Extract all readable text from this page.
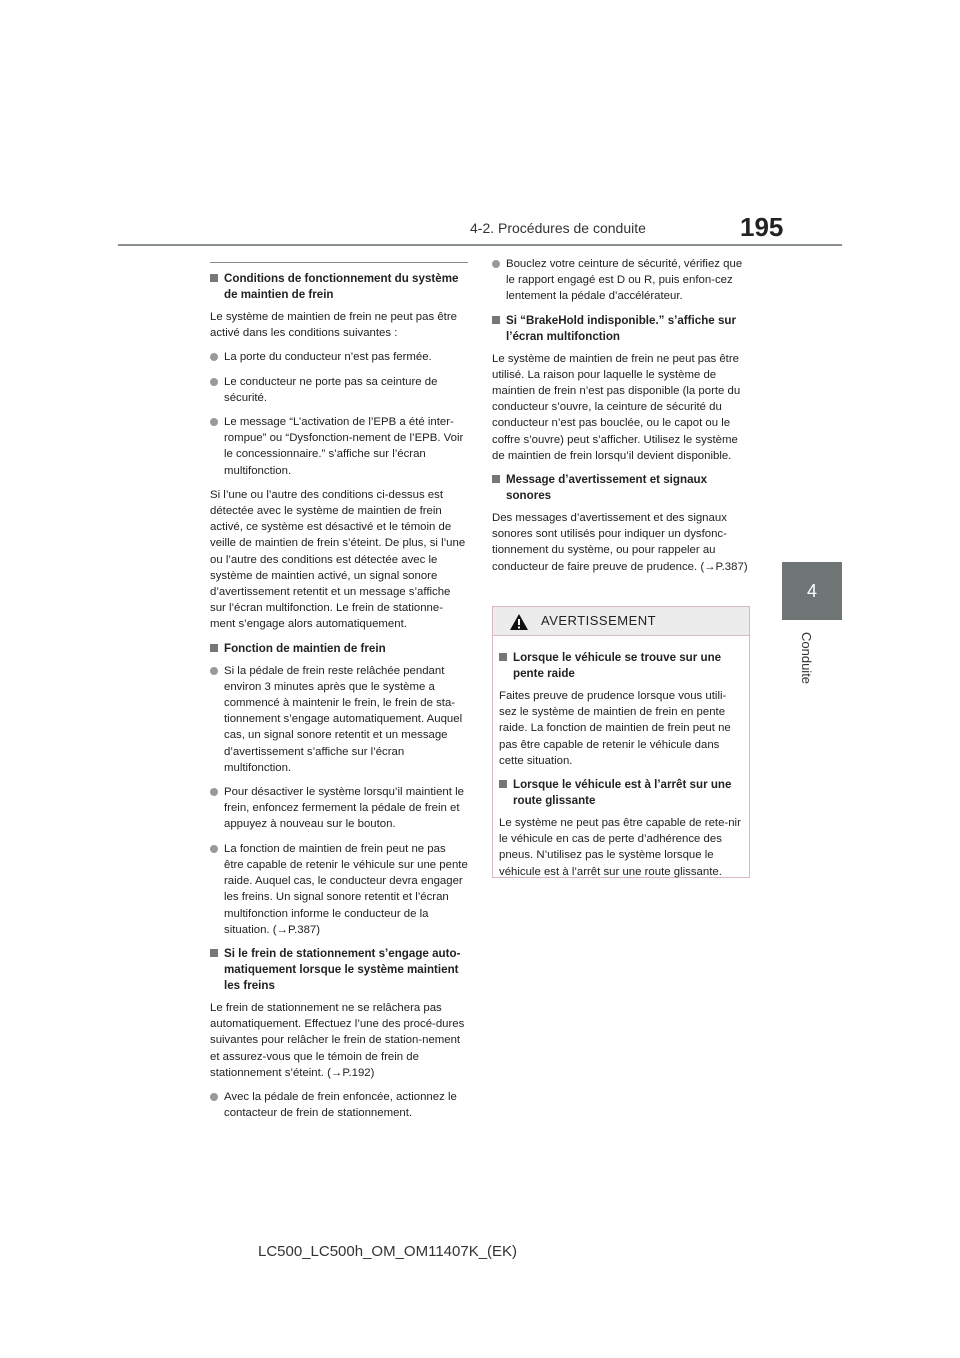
4-2. Procédures de conduite	195
4
Conduite
Conditions de fonctionnement du système de maintien de frein

Le système de maintien de frein ne peut pas être activé dans les conditions suivantes :

La porte du conducteur n’est pas fermée.
Le conducteur ne porte pas sa ceinture de sécurité.
Le message “L’activation de l’EPB a été inter-rompue” ou “Dysfonction-nement de l’EPB. Voir le concessionnaire.” s’affiche sur l’écran multifonction.

Si l’une ou l’autre des conditions ci-dessus est détectée avec le système de maintien de frein activé, ce système est désactivé et le témoin de veille de maintien de frein s’éteint. De plus, si l’une ou l’autre des conditions est détectée avec le système de maintien activé, un signal sonore d’avertissement retentit et un message s’affiche sur l’écran multifonction. Le frein de stationne-ment s’engage alors automatiquement.

Fonction de maintien de frein
Si la pédale de frein reste relâchée pendant environ 3 minutes après que le système a commencé à maintenir le frein, le frein de sta-tionnement s’engage automatiquement. Auquel cas, un signal sonore retentit et un message d’avertissement s’affiche sur l’écran multifonction.
Pour désactiver le système lorsqu’il maintient le frein, enfoncez fermement la pédale de frein et appuyez à nouveau sur le bouton.
La fonction de maintien de frein peut ne pas être capable de retenir le véhicule sur une pente raide. Auquel cas, le conducteur devra engager les freins. Un signal sonore retentit et l’écran multifonction informe le conducteur de la situation. (→P.387)
Si le frein de stationnement s’engage auto-matiquement lorsque le système maintient les freins

Le frein de stationnement ne se relâchera pas automatiquement. Effectuez l’une des procé-dures suivantes pour relâcher le frein de station-nement et assurez-vous que le témoin de frein de stationnement s’éteint. (→P.192)

Avec la pédale de frein enfoncée, actionnez le contacteur de frein de stationnement.
Bouclez votre ceinture de sécurité, vérifiez que le rapport engagé est D ou R, puis enfon-cez lentement la pédale d’accélérateur.
Si “BrakeHold indisponible.” s’affiche sur l’écran multifonction

Le système de maintien de frein ne peut pas être utilisé. La raison pour laquelle le système de maintien de frein n’est pas disponible (la porte du conducteur s’ouvre, la ceinture de sécurité du conducteur n’est pas bouclée, ou le capot ou le coffre s’ouvre) peut s’afficher. Utilisez le système de maintien de frein lorsqu’il devient disponible.

Message d’avertissement et signaux sonores

Des messages d’avertissement et des signaux sonores sont utilisés pour indiquer un dysfonc-tionnement du système, ou pour rappeler au conducteur de faire preuve de prudence. (→P.387)

AVERTISSEMENT
Lorsque le véhicule se trouve sur une pente raide

Faites preuve de prudence lorsque vous utili-sez le système de maintien de frein en pente raide. La fonction de maintien de frein peut ne pas être capable de retenir le véhicule dans cette situation.

Lorsque le véhicule est à l’arrêt sur une route glissante

Le système ne peut pas être capable de rete-nir le véhicule en cas de perte d’adhérence des pneus. N’utilisez pas le système lorsque le véhicule est à l’arrêt sur une route glissante.

LC500_LC500h_OM_OM11407K_(EK)
